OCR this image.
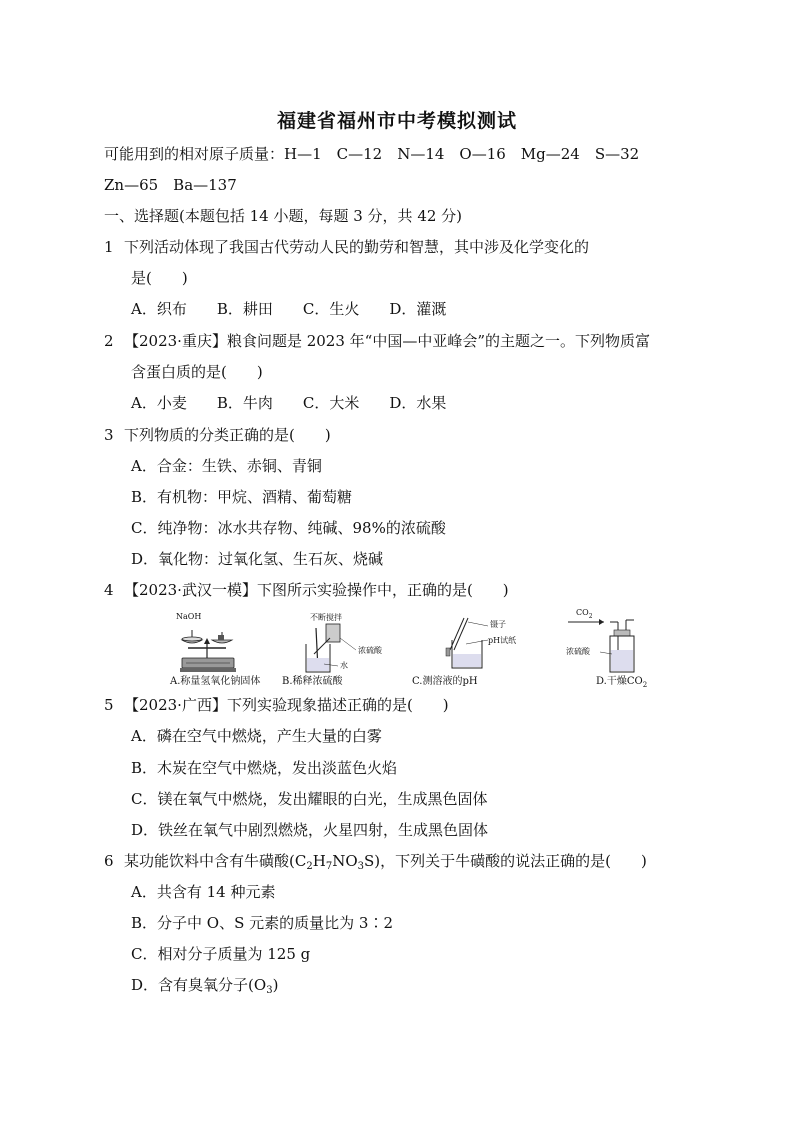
福建省福州市中考模拟测试
可能用到的相对原子质量：H—1　C—12　N—14　O—16　Mg—24　S—32
Zn—65　Ba—137
一、选择题(本题包括 14 小题，每题 3 分，共 42 分)
1 下列活动体现了我国古代劳动人民的勤劳和智慧，其中涉及化学变化的
是(　　)
A．织布　　B．耕田　　C．生火　　D．灌溉
2 【2023·重庆】粮食问题是 2023 年“中国—中亚峰会”的主题之一。下列物质富
含蛋白质的是(　　)
A．小麦　　B．牛肉　　C．大米　　D．水果
3 下列物质的分类正确的是(　　)
A．合金：生铁、赤铜、青铜
B．有机物：甲烷、酒精、葡萄糖
C．纯净物：冰水共存物、纯碱、98%的浓硫酸
D．氧化物：过氧化氢、生石灰、烧碱
4 【2023·武汉一模】下图所示实验操作中，正确的是(　　)
NaOH
A.称量氢氧化钠固体
不断搅拌
浓硫酸
水
B.稀释浓硫酸
镊子
pH试纸
C.测溶液的pH
$CO_2$
浓硫酸
D.干燥$CO_2$
5 【2023·广西】下列实验现象描述正确的是(　　)
A．磷在空气中燃烧，产生大量的白雾
B．木炭在空气中燃烧，发出淡蓝色火焰
C．镁在氧气中燃烧，发出耀眼的白光，生成黑色固体
D．铁丝在氧气中剧烈燃烧，火星四射，生成黑色固体
6 某功能饮料中含有牛磺酸$(C_2H_7NO_3S)$，下列关于牛磺酸的说法正确的是(　　)
A．共含有 14 种元素
B．分子中 O、S 元素的质量比为 3∶2
C．相对分子质量为 125 g
D．含有臭氧分子$(O_3)$
